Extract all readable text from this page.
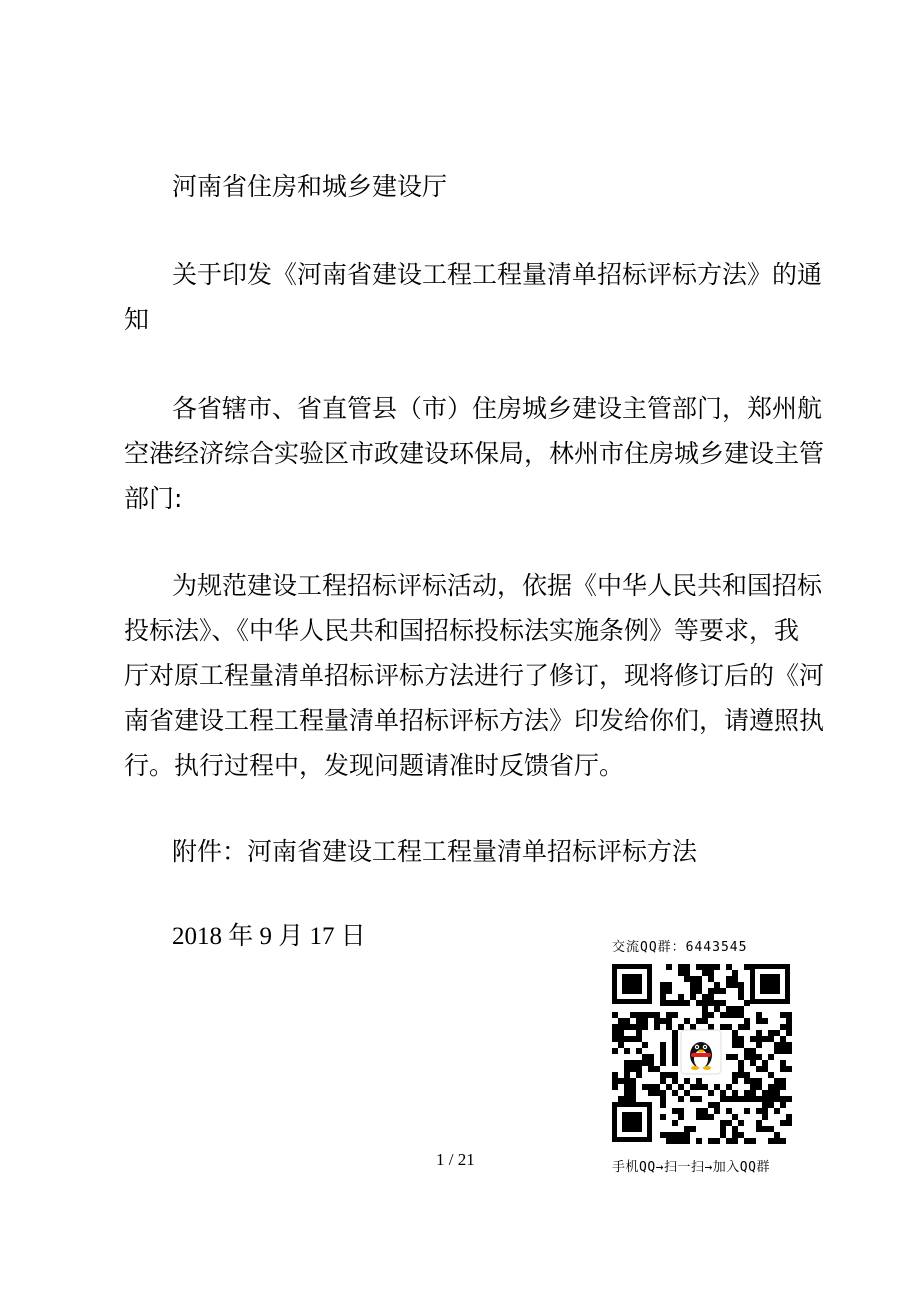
河南省住房和城乡建设厅

关于印发《河南省建设工程工程量清单招标评标方法》的通

知

各省辖市、省直管县（市）住房城乡建设主管部门，郑州航

空港经济综合实验区市政建设环保局，林州市住房城乡建设主管

部门:

为规范建设工程招标评标活动，依据《中华人民共和国招标

投标法》、《中华人民共和国招标投标法实施条例》等要求，我

厅对原工程量清单招标评标方法进行了修订，现将修订后的《河

南省建设工程工程量清单招标评标方法》印发给你们，请遵照执

行。执行过程中，发现问题请准时反馈省厅。

附件：河南省建设工程工程量清单招标评标方法

2018 年 9 月 17 日	交流QQ群：6443545
手机QQ→扫一扫→加入QQ群
1 / 21
